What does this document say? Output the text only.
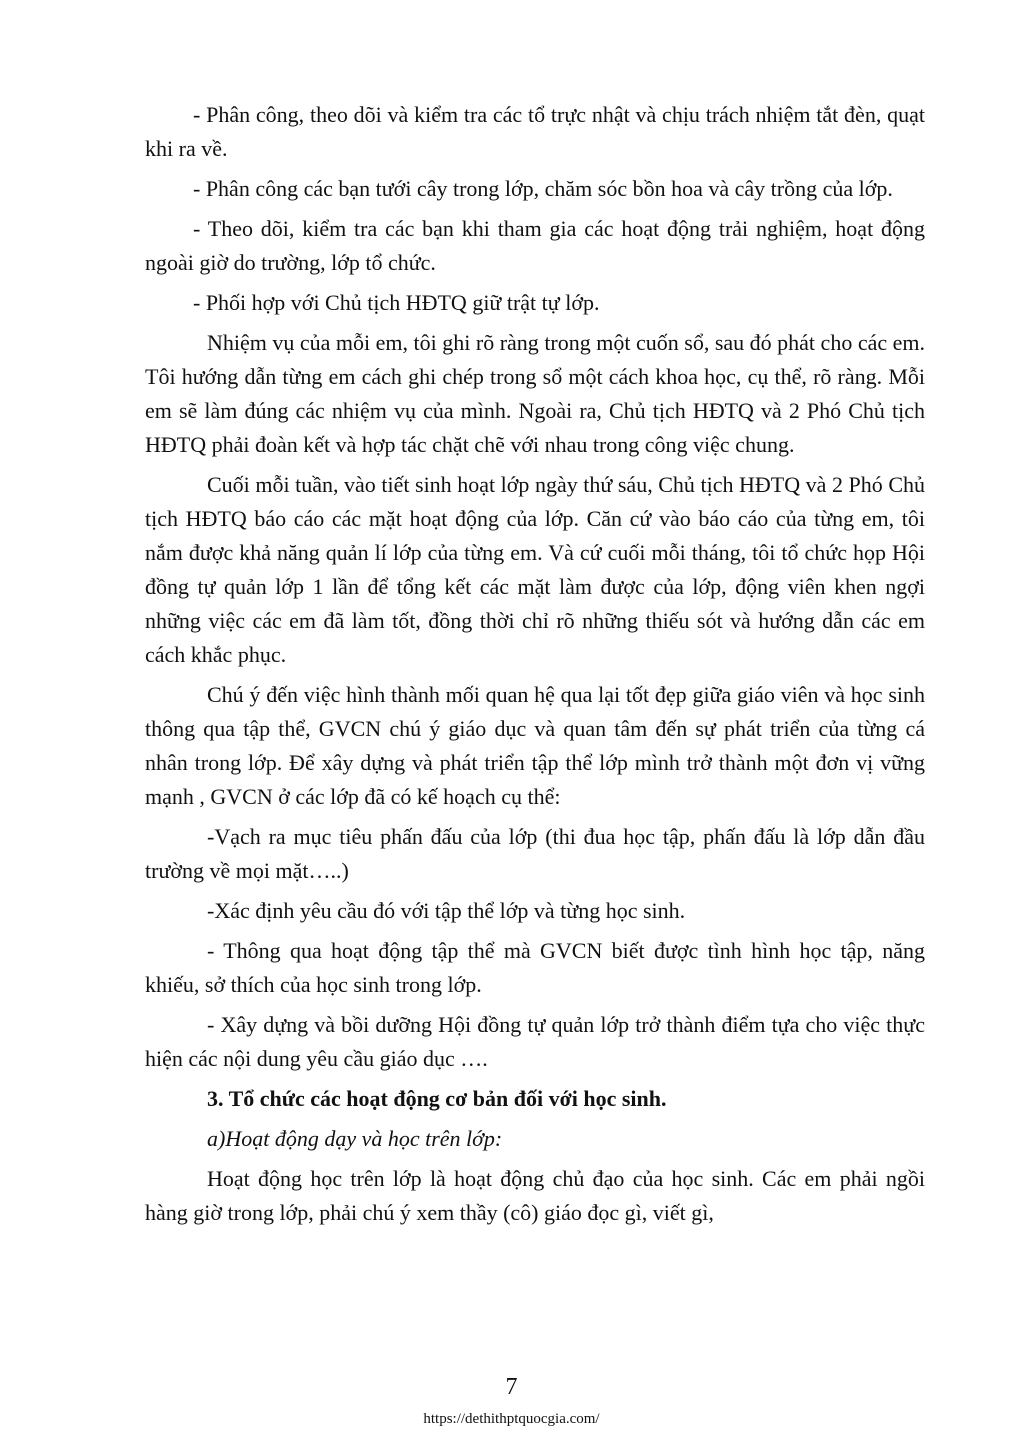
- Phân công, theo dõi và kiểm tra các tổ trực nhật và chịu trách nhiệm tắt đèn, quạt khi ra về.

- Phân công các bạn tưới cây trong lớp, chăm sóc bồn hoa và cây trồng của lớp.

- Theo dõi, kiểm tra các bạn khi tham gia các hoạt động trải nghiệm, hoạt động ngoài giờ do trường, lớp tổ chức.

- Phối hợp với Chủ tịch HĐTQ giữ trật tự lớp.

Nhiệm vụ của mỗi em, tôi ghi rõ ràng trong một cuốn sổ, sau đó phát cho các em. Tôi hướng dẫn từng em cách ghi chép trong sổ một cách khoa học, cụ thể, rõ ràng. Mỗi em sẽ làm đúng các nhiệm vụ của mình. Ngoài ra, Chủ tịch HĐTQ và 2 Phó Chủ tịch HĐTQ phải đoàn kết và hợp tác chặt chẽ với nhau trong công việc chung.

Cuối mỗi tuần, vào tiết sinh hoạt lớp ngày thứ sáu, Chủ tịch HĐTQ và 2 Phó Chủ tịch HĐTQ báo cáo các mặt hoạt động của lớp. Căn cứ vào báo cáo của từng em, tôi nắm được khả năng quản lí lớp của từng em. Và cứ cuối mỗi tháng, tôi tổ chức họp Hội đồng tự quản lớp 1 lần để tổng kết các mặt làm được của lớp, động viên khen ngợi những việc các em đã làm tốt, đồng thời chỉ rõ những thiếu sót và hướng dẫn các em cách khắc phục.

Chú ý đến việc hình thành mối quan hệ qua lại tốt đẹp giữa giáo viên và học sinh thông qua tập thể, GVCN chú ý giáo dục và quan tâm đến sự phát triển của từng cá nhân trong lớp. Để xây dựng và phát triển tập thể lớp mình trở thành một đơn vị vững mạnh , GVCN ở các lớp đã có kế hoạch cụ thể:

-Vạch ra mục tiêu phấn đấu của lớp (thi đua học tập, phấn đấu là lớp dẫn đầu trường về mọi mặt…..)

-Xác định yêu cầu đó với tập thể lớp và từng học sinh.

- Thông qua hoạt động tập thể mà GVCN biết được tình hình học tập, năng khiếu, sở thích của học sinh trong lớp.

- Xây dựng và bồi dưỡng Hội đồng tự quản lớp trở thành điểm tựa cho việc thực hiện các nội dung yêu cầu giáo dục ….

3. Tổ chức các hoạt động cơ bản đối với học sinh.

a)Hoạt động dạy và học trên lớp:

Hoạt động học trên lớp là hoạt động chủ đạo của học sinh. Các em phải ngồi hàng giờ trong lớp, phải chú ý xem thầy (cô) giáo đọc gì, viết gì,

7
https://dethithptquocgia.com/
